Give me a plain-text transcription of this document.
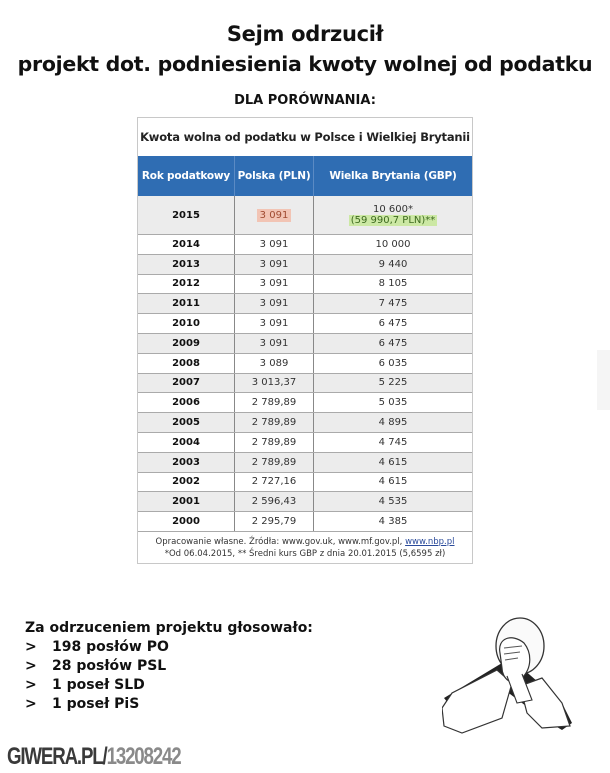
Sejm odrzucił
projekt dot. podniesienia kwoty wolnej od podatku
DLA PORÓWNANIA:
Kwota wolna od podatku w Polsce i Wielkiej Brytanii
Rok podatkowy	Polska (PLN)	Wielka Brytania (GBP)
2015	3 091	10 600*
(59 990,7 PLN)**

2014	3 091	10 000
2013	3 091	9 440
2012	3 091	8 105
2011	3 091	7 475
2010	3 091	6 475
2009	3 091	6 475
2008	3 089	6 035
2007	3 013,37	5 225
2006	2 789,89	5 035
2005	2 789,89	4 895
2004	2 789,89	4 745
2003	2 789,89	4 615
2002	2 727,16	4 615
2001	2 596,43	4 535
2000	2 295,79	4 385
Opracowanie własne. Źródła: www.gov.uk, www.mf.gov.pl, www.nbp.pl
*Od 06.04.2015, ** Średni kurs GBP z dnia 20.01.2015 (5,6595 zł)
Za odrzuceniem projektu głosowało:
> 198 posłów PO
> 28 posłów PSL
> 1 poseł SLD
> 1 poseł PiS
GIWERA.PL/13208242
